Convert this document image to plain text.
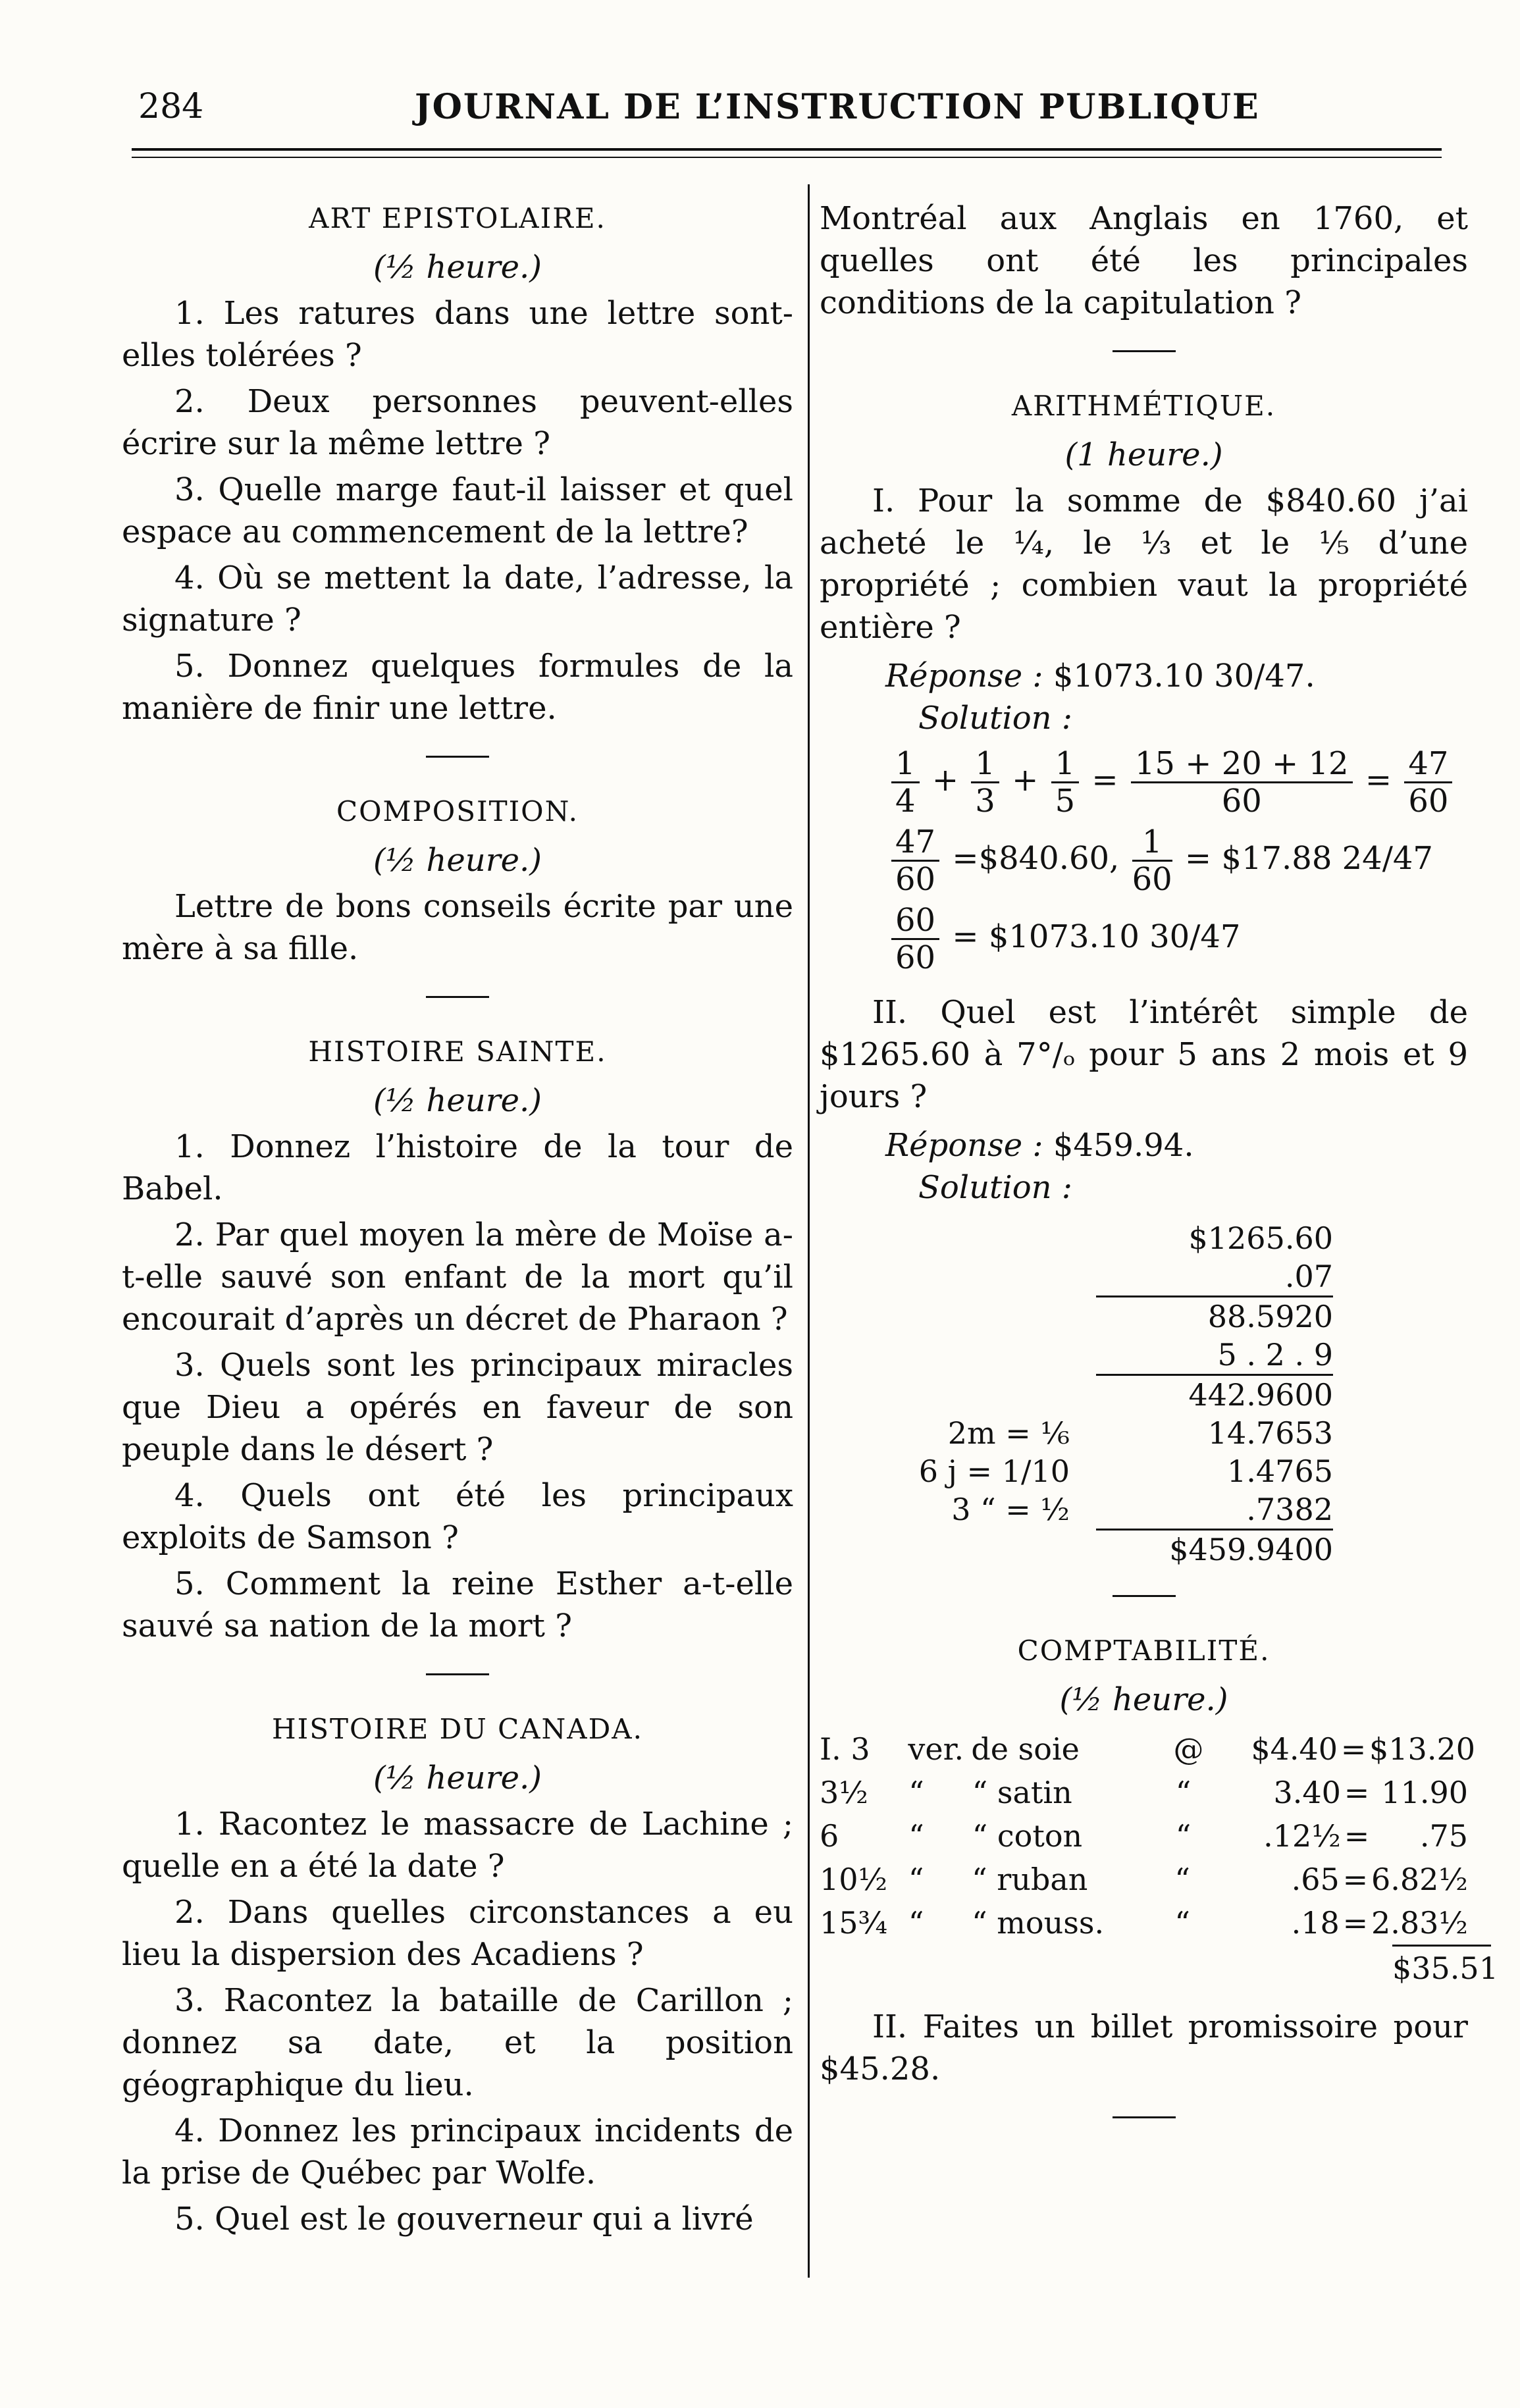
284	JOURNAL DE L’INSTRUCTION PUBLIQUE
ART EPISTOLAIRE.
(½ heure.)

1. Les ratures dans une lettre sont-elles tolérées ?

2. Deux personnes peuvent-elles écrire sur la même lettre ?

3. Quelle marge faut-il laisser et quel espace au commencement de la lettre?

4. Où se mettent la date, l’adresse, la signature ?

5. Donnez quelques formules de la manière de finir une lettre.

COMPOSITION.
(½ heure.)

Lettre de bons conseils écrite par une mère à sa fille.

HISTOIRE SAINTE.
(½ heure.)

1. Donnez l’histoire de la tour de Babel.

2. Par quel moyen la mère de Moïse a-t-elle sauvé son enfant de la mort qu’il encourait d’après un décret de Pharaon ?

3. Quels sont les principaux miracles que Dieu a opérés en faveur de son peuple dans le désert ?

4. Quels ont été les principaux exploits de Samson ?

5. Comment la reine Esther a-t-elle sauvé sa nation de la mort ?

HISTOIRE DU CANADA.
(½ heure.)

1. Racontez le massacre de Lachine ; quelle en a été la date ?

2. Dans quelles circonstances a eu lieu la dispersion des Acadiens ?

3. Racontez la bataille de Carillon ; donnez sa date, et la position géographique du lieu.

4. Donnez les principaux incidents de la prise de Québec par Wolfe.

5. Quel est le gouverneur qui a livré

Montréal aux Anglais en 1760, et quelles ont été les principales conditions de la capitulation ?

ARITHMÉTIQUE.
(1 heure.)

I. Pour la somme de $840.60 j’ai acheté le ¼, le ⅓ et le ⅕ d’une propriété ; combien vaut la propriété entière ?

Réponse : $1073.10 30/47.
Solution :
$\frac{1}{4} + \frac{1}{3} + \frac{1}{5} = \frac{15 + 20 + 12}{60} = \frac{47}{60}$
$\frac{47}{60}$ =$840.60, $\frac{1}{60}$ = $17.88 24/47
$\frac{60}{60}$ = $1073.10 30/47

II. Quel est l’intérêt simple de $1265.60 à 7°/ₒ pour 5 ans 2 mois et 9 jours ?

Réponse : $459.94.
Solution :
$1265.60
.07
88.5920
5 . 2 . 9
442.9600
2m = ⅙	14.7653
6 j = 1/10	1.4765
3 “ = ½	.7382
$459.9400
COMPTABILITÉ.
(½ heure.)
I. 3	ver. de soie	@	$4.40 = $13.20
3½	“	“ satin	“	3.40 = 11.90
6	“	“ coton	“	.12½ =	.75
10½ “	“ ruban	“	.65 = 6.82½
15¾ “	“ mouss.	“	.18 = 2.83½
$35.51

II. Faites un billet promissoire pour $45.28.
